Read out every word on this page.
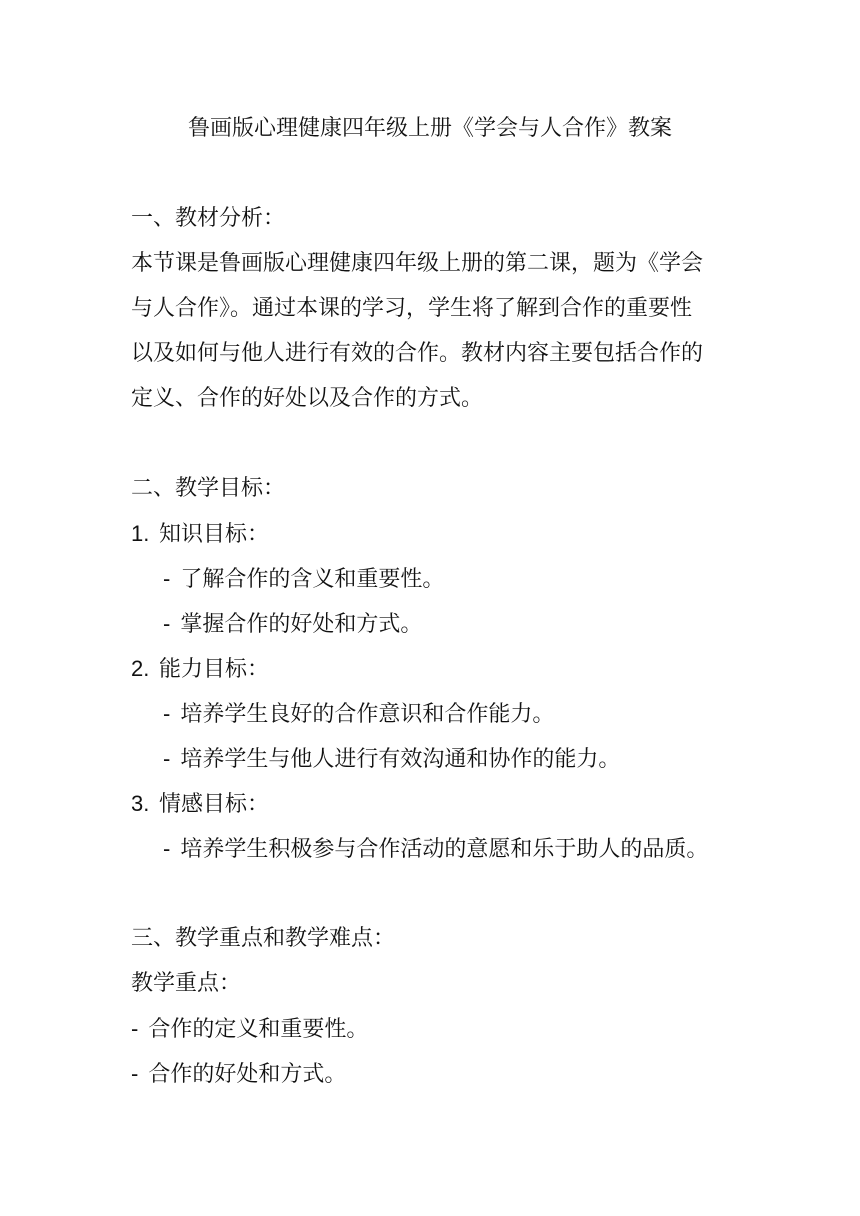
鲁画版心理健康四年级上册《学会与人合作》教案
一、教材分析：
本节课是鲁画版心理健康四年级上册的第二课，题为《学会
与人合作》。通过本课的学习，学生将了解到合作的重要性
以及如何与他人进行有效的合作。教材内容主要包括合作的
定义、合作的好处以及合作的方式。
二、教学目标：
1. 知识目标：
- 了解合作的含义和重要性。
- 掌握合作的好处和方式。
2. 能力目标：
- 培养学生良好的合作意识和合作能力。
- 培养学生与他人进行有效沟通和协作的能力。
3. 情感目标：
- 培养学生积极参与合作活动的意愿和乐于助人的品质。
三、教学重点和教学难点：
教学重点：
- 合作的定义和重要性。
- 合作的好处和方式。
